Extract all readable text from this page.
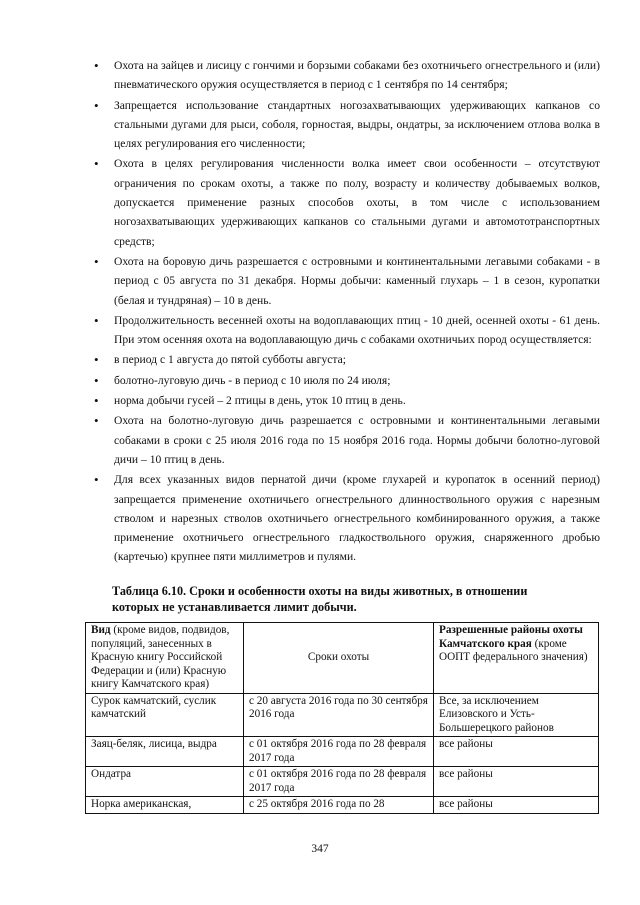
• Охота на зайцев и лисицу с гончими и борзыми собаками без охотничьего огнестрельного и (или) пневматического оружия осуществляется в период с 1 сентября по 14 сентября;
• Запрещается использование стандартных ногозахватывающих удерживающих капканов со стальными дугами для рыси, соболя, горностая, выдры, ондатры, за исключением отлова волка в целях регулирования его численности;
• Охота в целях регулирования численности волка имеет свои особенности – отсутствуют ограничения по срокам охоты, а также по полу, возрасту и количеству добываемых волков, допускается применение разных способов охоты, в том числе с использованием ногозахватывающих удерживающих капканов со стальными дугами и автомототранспортных средств;
• Охота на боровую дичь разрешается с островными и континентальными легавыми собаками - в период с 05 августа по 31 декабря. Нормы добычи: каменный глухарь – 1 в сезон, куропатки (белая и тундряная) – 10 в день.
• Продолжительность весенней охоты на водоплавающих птиц - 10 дней, осенней охоты - 61 день. При этом осенняя охота на водоплавающую дичь с собаками охотничьих пород осуществляется:
• в период с 1 августа до пятой субботы августа;
• болотно-луговую дичь - в период с 10 июля по 24 июля;
• норма добычи гусей – 2 птицы в день, уток 10 птиц в день.
• Охота на болотно-луговую дичь разрешается с островными и континентальными легавыми собаками в сроки с 25 июля 2016 года по 15 ноября 2016 года. Нормы добычи болотно-луговой дичи – 10 птиц в день.
• Для всех указанных видов пернатой дичи (кроме глухарей и куропаток в осенний период) запрещается применение охотничьего огнестрельного длинноствольного оружия с нарезным стволом и нарезных стволов охотничьего огнестрельного комбинированного оружия, а также применение охотничьего огнестрельного гладкоствольного оружия, снаряженного дробью (картечью) крупнее пяти миллиметров и пулями.
Таблица 6.10. Сроки и особенности охоты на виды животных, в отношении
которых не устанавливается лимит добычи.
Вид (кроме видов, подвидов, популяций, занесенных в Красную книгу Российской Федерации и (или) Красную книгу Камчатского края)	Сроки охоты	Разрешенные районы охоты Камчатского края (кроме ООПТ федерального значения)
Сурок камчатский, суслик камчатский	с 20 августа 2016 года по 30 сентября 2016 года	Все, за исключением Елизовского и Усть-Большерецкого районов
Заяц-беляк, лисица, выдра	с 01 октября 2016 года по 28 февраля 2017 года	все районы
Ондатра	с 01 октября 2016 года по 28 февраля 2017 года	все районы
Норка американская,	с 25 октября 2016 года по 28	все районы
347
